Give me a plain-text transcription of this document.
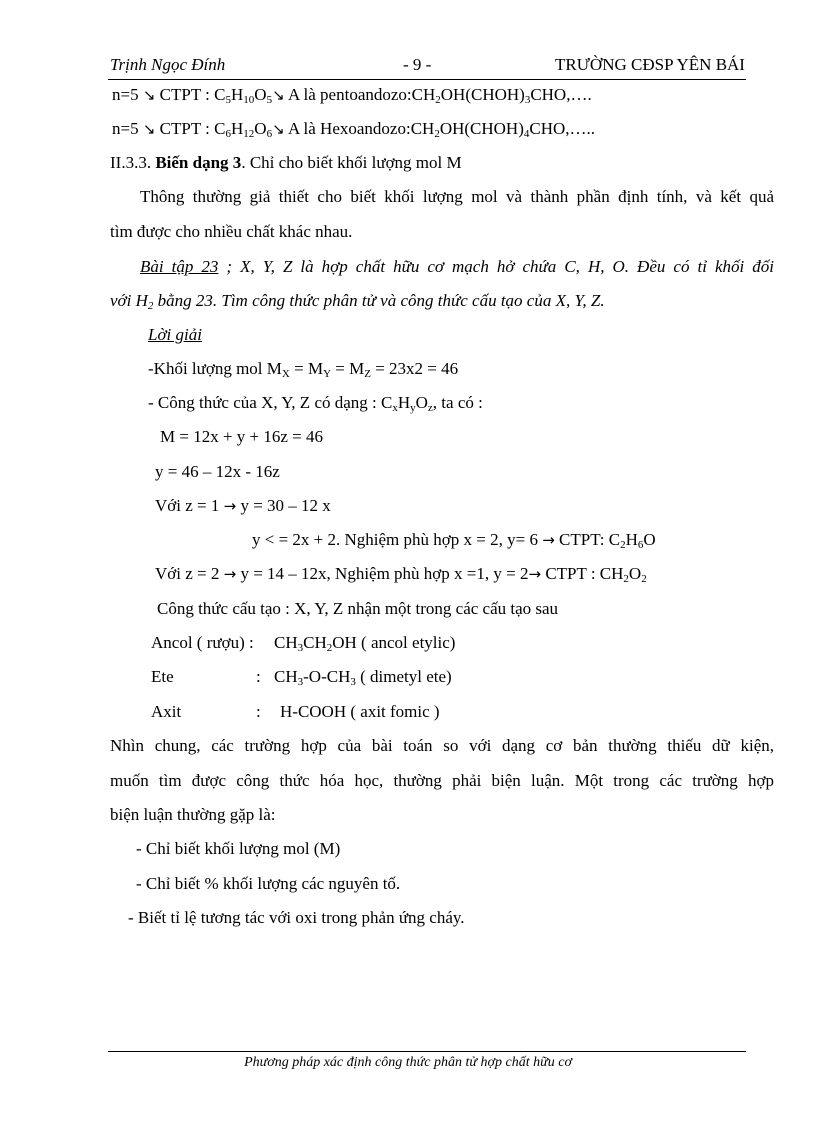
Trịnh Ngọc Đính	- 9 -	TRƯỜNG CĐSP YÊN BÁI
n=5 ↘ CTPT : $C_5H_{10}O_5↘$ A là $pentoandozo:CH_2OH(CHOH)_3CHO,\dots$.
n=5 ↘ CTPT : $C_6H_{12}O_6↘$ A là $Hexoandozo:CH_2OH(CHOH)_4CHO,\dots$..
II.3.3. Biến dạng 3. Chỉ cho biết khối lượng mol M
Thông thường giả thiết cho biết khối lượng mol và thành phần định tính, và kết quả
tìm được cho nhiều chất khác nhau.
Bài tập 23 ; X, Y, Z là hợp chất hữu cơ mạch hở chứa C, H, O. Đều có tỉ khối đối
với $H_2$ bằng 23. Tìm công thức phân tử và công thức cấu tạo của X, Y, Z.
Lời giải
-Khối lượng mol $M_X = M_Y = M_Z = 23x2 = 46$
- Công thức của X, Y, Z có dạng : $C_xH_yO_z$, ta có :
M = 12x + y + 16z = 46
y = 46 – 12x - 16z
Với z = 1 → y = 30 – 12 x
y < = 2x + 2. Nghiệm phù hợp x = 2, y= 6 → CTPT: $C_2H_6O$
Với z = 2 → y = 14 – 12x, Nghiệm phù hợp x =1, y = 2→ CTPT : $CH_2O_2$
Công thức cấu tạo : X, Y, Z nhận một trong các cấu tạo sau
Ancol ( rượu) : $CH_3CH_2OH$ ( ancol etylic)
Ete	: $CH_3-O-CH_3$ ( dimetyl ete)
Axit	: H-COOH ( axit fomic )
Nhìn chung, các trường hợp của bài toán so với dạng cơ bản thường thiếu dữ kiện,
muốn tìm được công thức hóa học, thường phải biện luận. Một trong các trường hợp
biện luận thường gặp là:
- Chỉ biết khối lượng mol (M)
- Chỉ biết % khối lượng các nguyên tố.
- Biết tỉ lệ tương tác với oxi trong phản ứng cháy.
Phương pháp xác định công thức phân tử hợp chất hữu cơ
